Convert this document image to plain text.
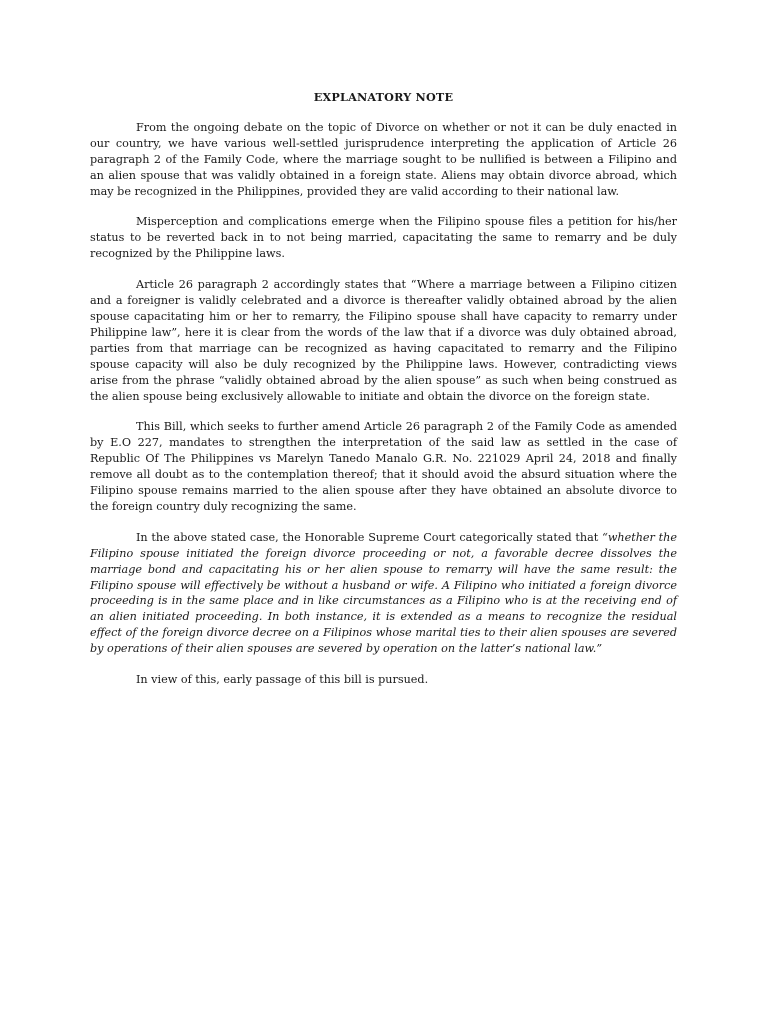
EXPLANATORY NOTE

From the ongoing debate on the topic of Divorce on whether or not it can be duly enacted in our country, we have various well-settled jurisprudence interpreting the application of Article 26 paragraph 2 of the Family Code, where the marriage sought to be nullified is between a Filipino and an alien spouse that was validly obtained in a foreign state. Aliens may obtain divorce abroad, which may be recognized in the Philippines, provided they are valid according to their national law.

Misperception and complications emerge when the Filipino spouse files a petition for his/her status to be reverted back in to not being married, capacitating the same to remarry and be duly recognized by the Philippine laws.

Article 26 paragraph 2 accordingly states that “Where a marriage between a Filipino citizen and a foreigner is validly celebrated and a divorce is thereafter validly obtained abroad by the alien spouse capacitating him or her to remarry, the Filipino spouse shall have capacity to remarry under Philippine law”, here it is clear from the words of the law that if a divorce was duly obtained abroad, parties from that marriage can be recognized as having capacitated to remarry and the Filipino spouse capacity will also be duly recognized by the Philippine laws. However, contradicting views arise from the phrase “validly obtained abroad by the alien spouse” as such when being construed as the alien spouse being exclusively allowable to initiate and obtain the divorce on the foreign state.

This Bill, which seeks to further amend Article 26 paragraph 2 of the Family Code as amended by E.O 227, mandates to strengthen the interpretation of the said law as settled in the case of Republic Of The Philippines vs Marelyn Tanedo Manalo G.R. No. 221029 April 24, 2018 and finally remove all doubt as to the contemplation thereof; that it should avoid the absurd situation where the Filipino spouse remains married to the alien spouse after they have obtained an absolute divorce to the foreign country duly recognizing the same.

In the above stated case, the Honorable Supreme Court categorically stated that “whether the Filipino spouse initiated the foreign divorce proceeding or not, a favorable decree dissolves the marriage bond and capacitating his or her alien spouse to remarry will have the same result: the Filipino spouse will effectively be without a husband or wife. A Filipino who initiated a foreign divorce proceeding is in the same place and in like circumstances as a Filipino who is at the receiving end of an alien initiated proceeding. In both instance, it is extended as a means to recognize the residual effect of the foreign divorce decree on a Filipinos whose marital ties to their alien spouses are severed by operations of their alien spouses are severed by operation on the latter’s national law.”

In view of this, early passage of this bill is pursued.
